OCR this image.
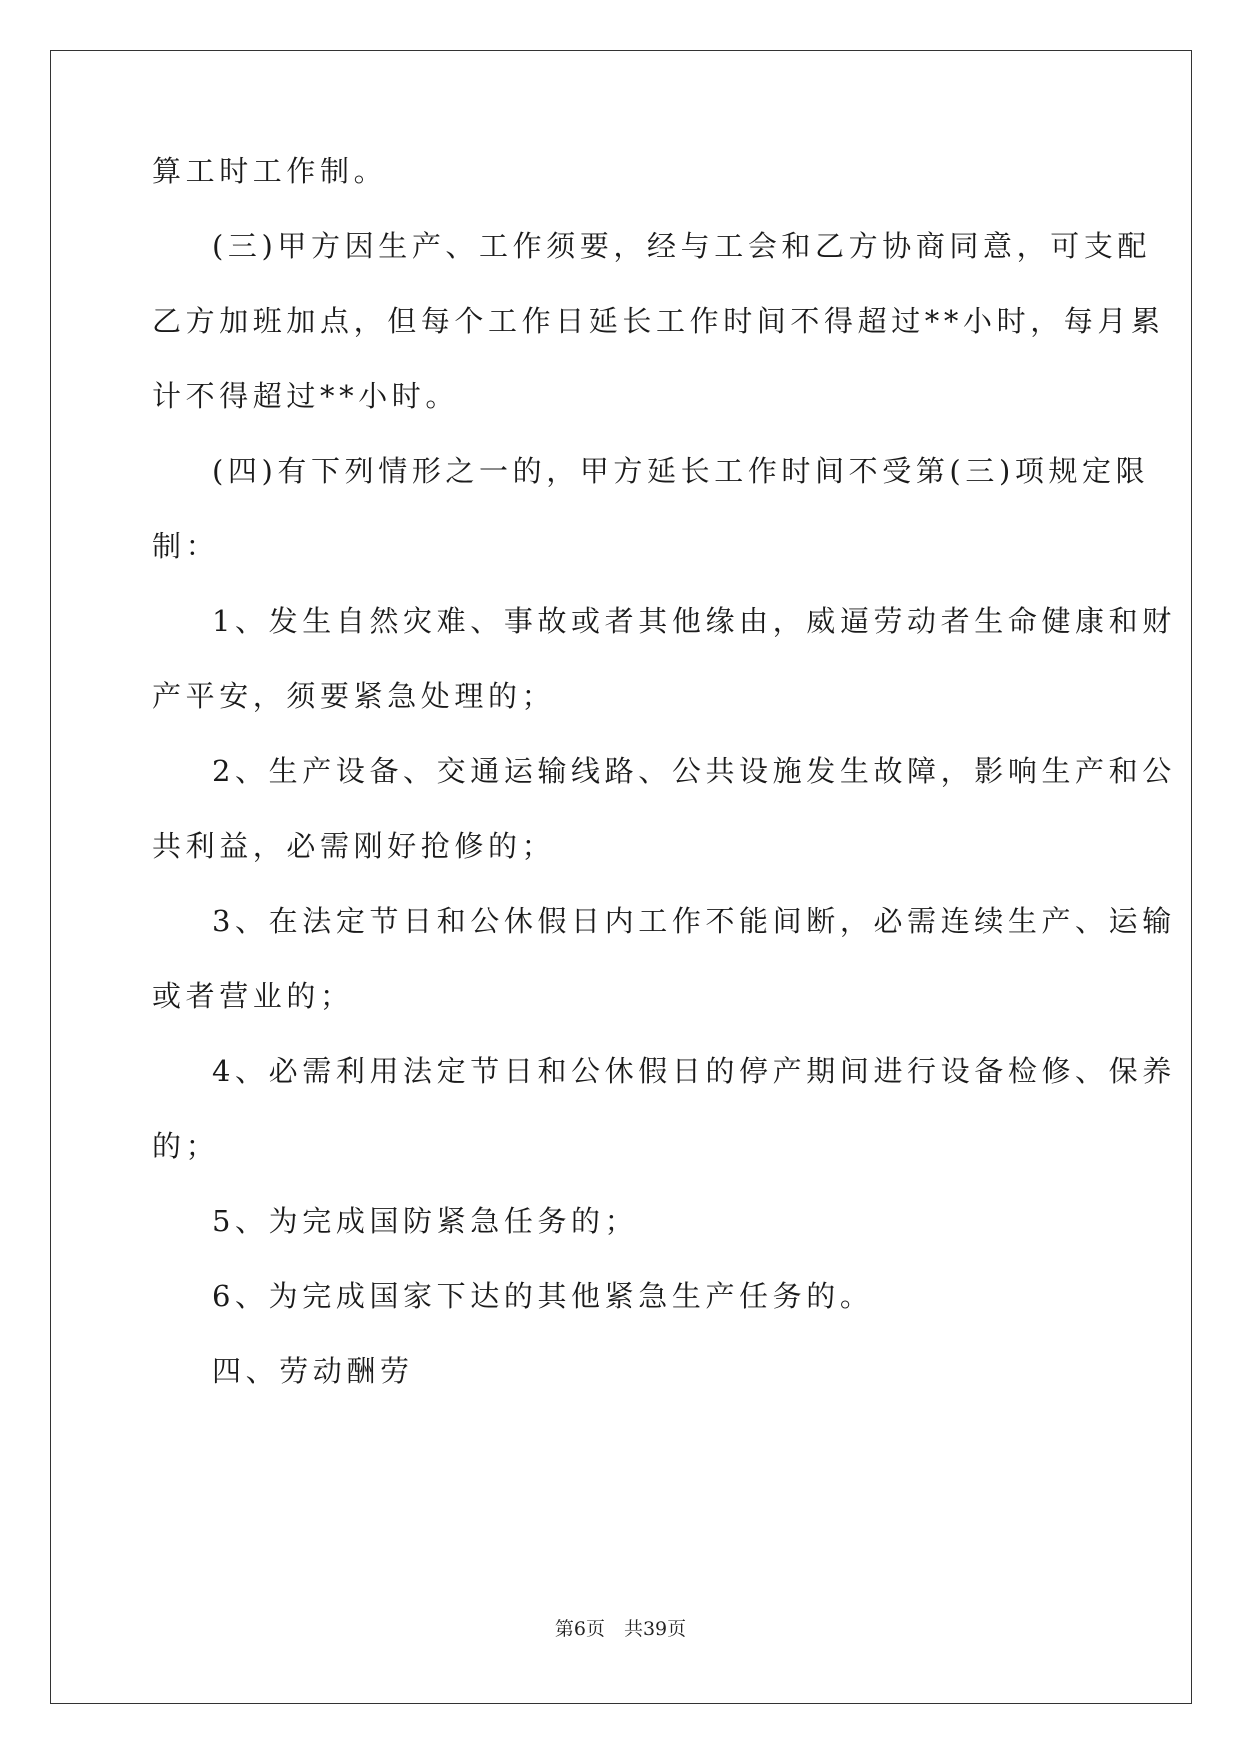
算工时工作制。
(三)甲方因生产、工作须要，经与工会和乙方协商同意，可支配
乙方加班加点，但每个工作日延长工作时间不得超过**小时，每月累
计不得超过**小时。
(四)有下列情形之一的，甲方延长工作时间不受第(三)项规定限
制：
1、发生自然灾难、事故或者其他缘由，威逼劳动者生命健康和财
产平安，须要紧急处理的；
2、生产设备、交通运输线路、公共设施发生故障，影响生产和公
共利益，必需刚好抢修的；
3、在法定节日和公休假日内工作不能间断，必需连续生产、运输
或者营业的；
4、必需利用法定节日和公休假日的停产期间进行设备检修、保养
的；
5、为完成国防紧急任务的；
6、为完成国家下达的其他紧急生产任务的。
四、劳动酬劳
第6页　共39页
